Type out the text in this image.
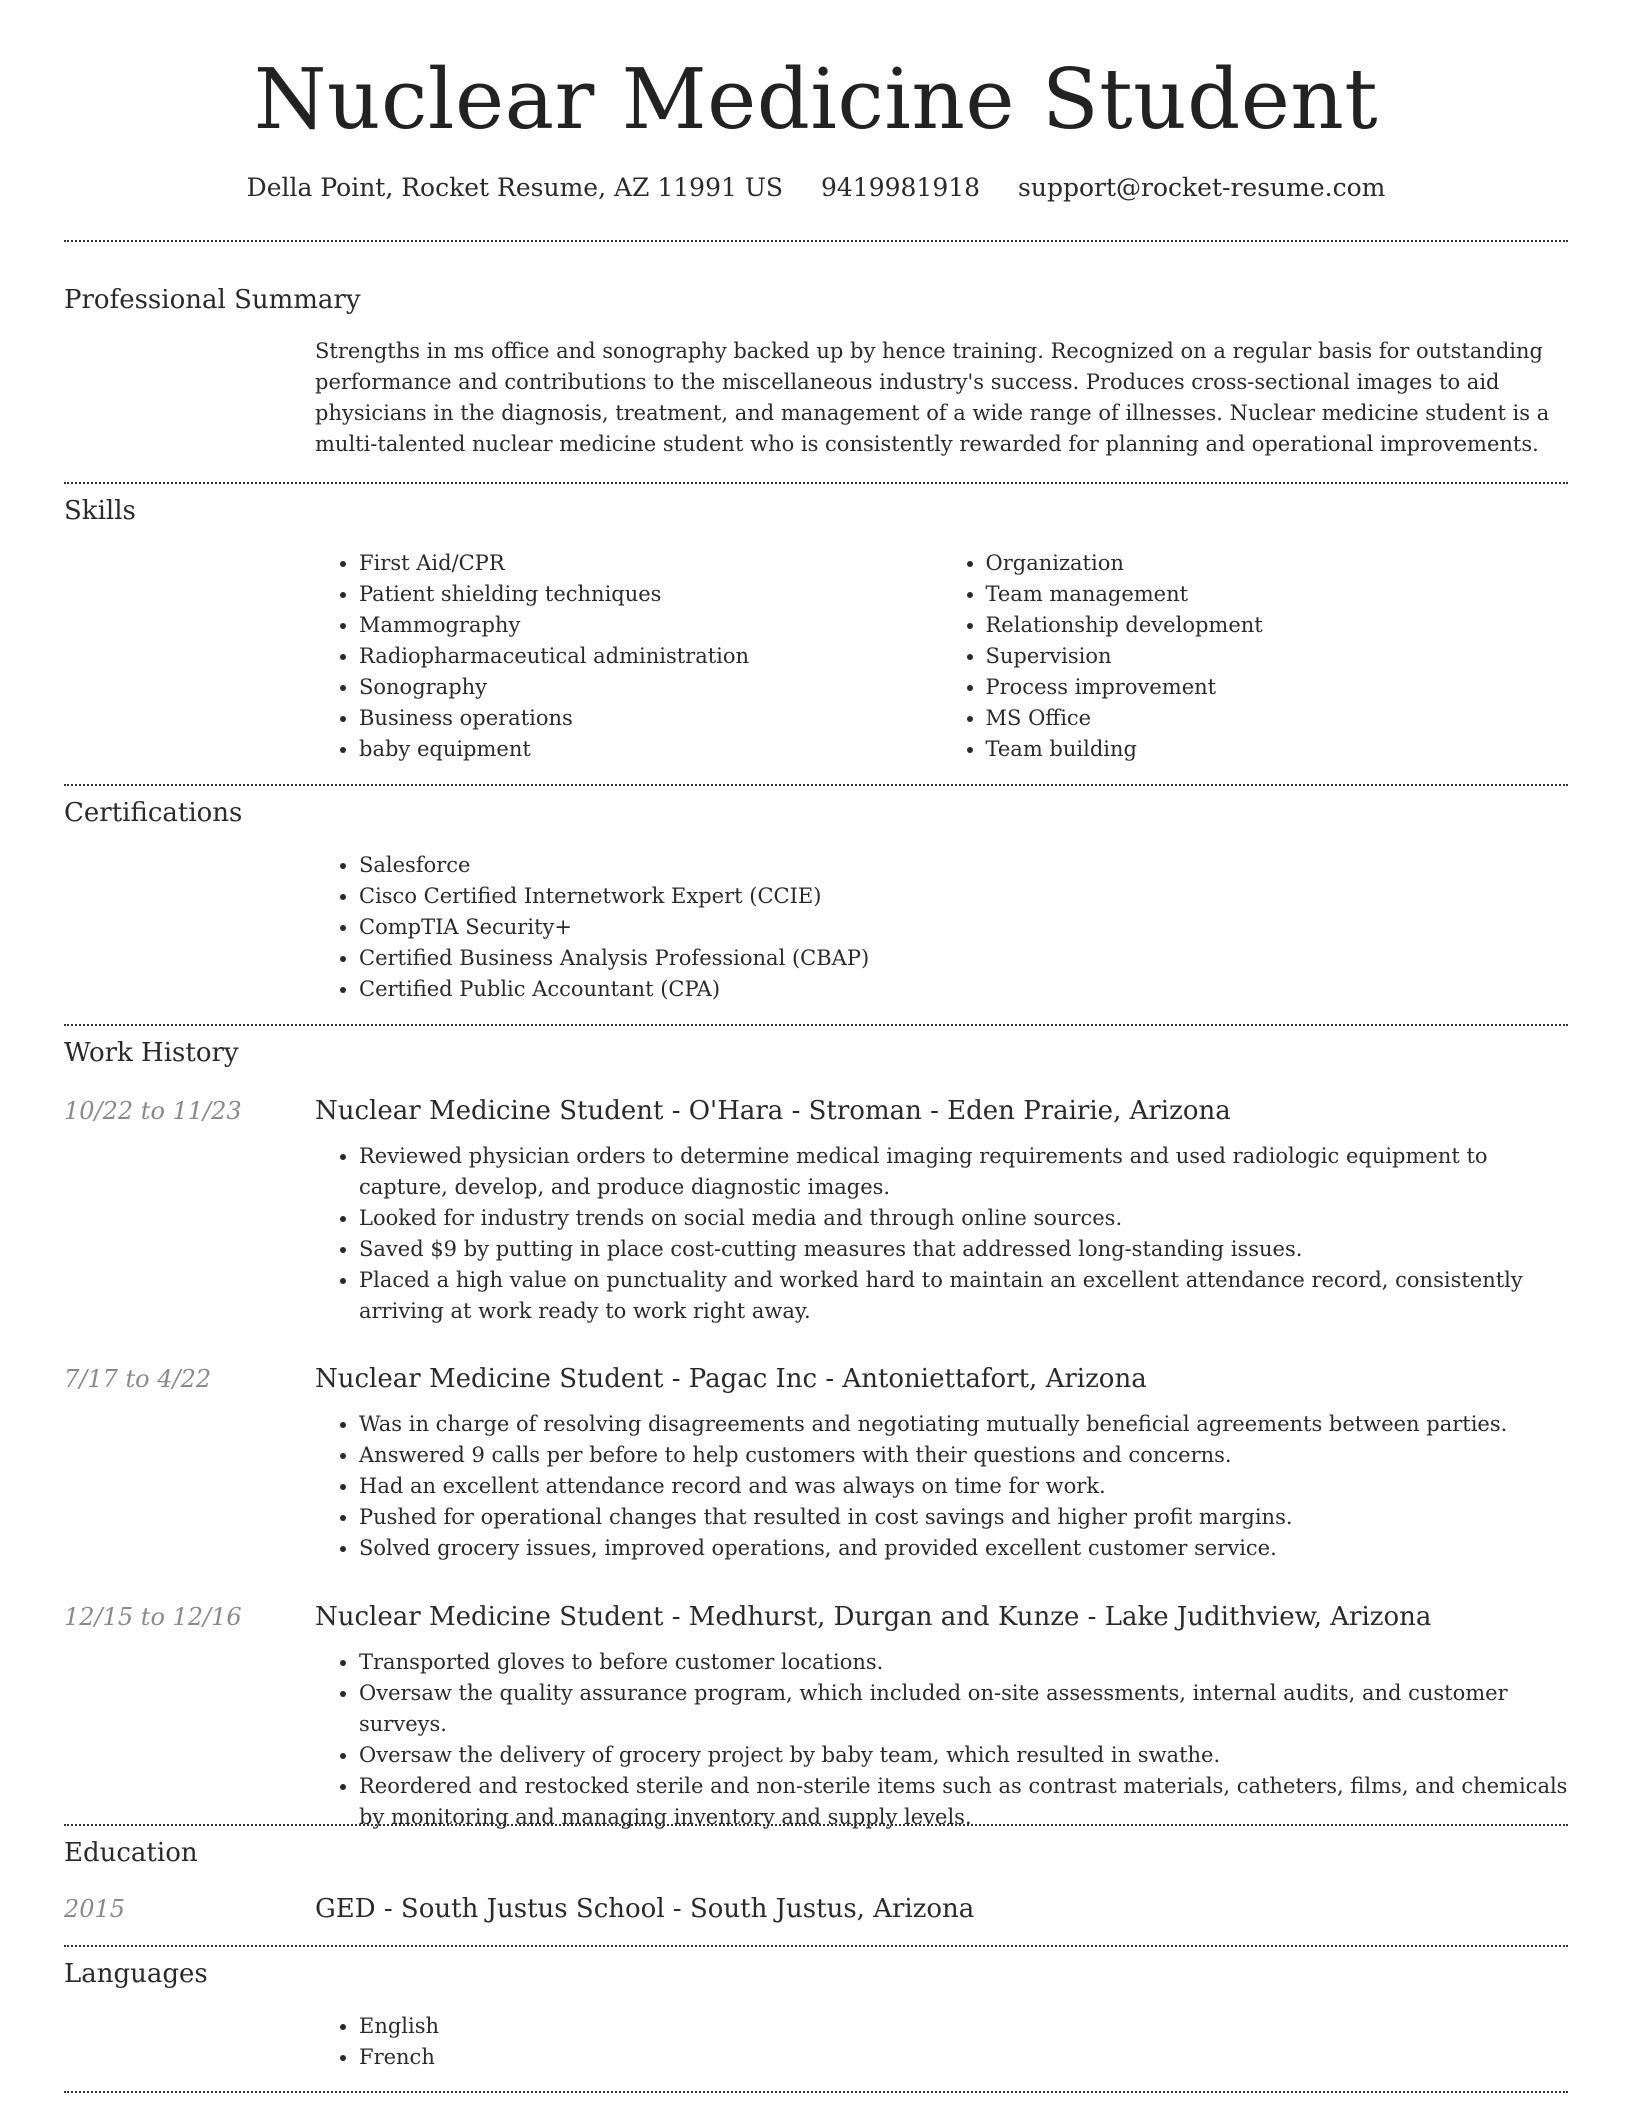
Nuclear Medicine Student
Della Point, Rocket Resume, AZ 11991 US 9419981918 support@rocket-resume.com
Professional Summary
Strengths in ms office and sonography backed up by hence training. Recognized on a regular basis for outstanding performance and contributions to the miscellaneous industry's success. Produces cross-sectional images to aid physicians in the diagnosis, treatment, and management of a wide range of illnesses. Nuclear medicine student is a multi-talented nuclear medicine student who is consistently rewarded for planning and operational improvements.
Skills
• First Aid/CPR
• Patient shielding techniques
• Mammography
• Radiopharmaceutical administration
• Sonography
• Business operations
• baby equipment
• Organization
• Team management
• Relationship development
• Supervision
• Process improvement
• MS Office
• Team building
Certifications
• Salesforce
• Cisco Certified Internetwork Expert (CCIE)
• CompTIA Security+
• Certified Business Analysis Professional (CBAP)
• Certified Public Accountant (CPA)
Work History
10/22 to 11/23	Nuclear Medicine Student - O'Hara - Stroman - Eden Prairie, Arizona
• Reviewed physician orders to determine medical imaging requirements and used radiologic equipment to capture, develop, and produce diagnostic images.
• Looked for industry trends on social media and through online sources.
• Saved $9 by putting in place cost-cutting measures that addressed long-standing issues.
• Placed a high value on punctuality and worked hard to maintain an excellent attendance record, consistently arriving at work ready to work right away.
7/17 to 4/22	Nuclear Medicine Student - Pagac Inc - Antoniettafort, Arizona
• Was in charge of resolving disagreements and negotiating mutually beneficial agreements between parties.
• Answered 9 calls per before to help customers with their questions and concerns.
• Had an excellent attendance record and was always on time for work.
• Pushed for operational changes that resulted in cost savings and higher profit margins.
• Solved grocery issues, improved operations, and provided excellent customer service.
12/15 to 12/16	Nuclear Medicine Student - Medhurst, Durgan and Kunze - Lake Judithview, Arizona
• Transported gloves to before customer locations.
• Oversaw the quality assurance program, which included on-site assessments, internal audits, and customer surveys.
• Oversaw the delivery of grocery project by baby team, which resulted in swathe.
• Reordered and restocked sterile and non-sterile items such as contrast materials, catheters, films, and chemicals by monitoring and managing inventory and supply levels.
Education
2015	GED - South Justus School - South Justus, Arizona
Languages
• English
• French
